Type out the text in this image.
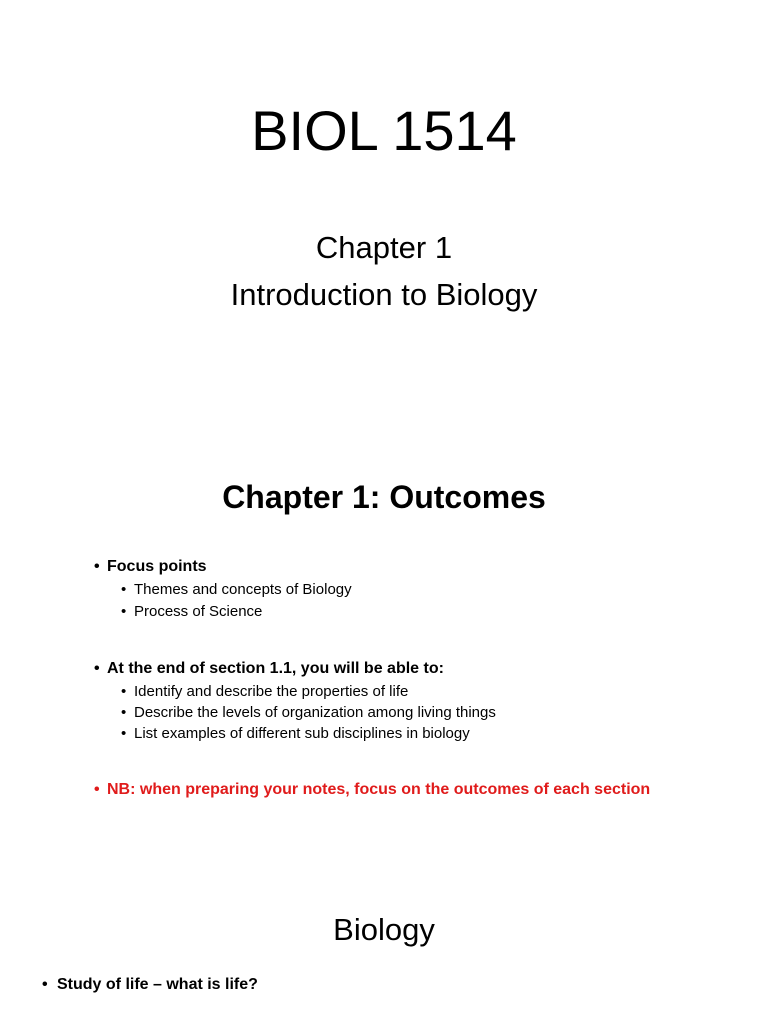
BIOL 1514
Chapter 1
Introduction to Biology
Chapter 1: Outcomes
• Focus points
• Themes and concepts of Biology
• Process of Science
• At the end of section 1.1, you will be able to:
• Identify and describe the properties of life
• Describe the levels of organization among living things
• List examples of different sub disciplines in biology
• NB: when preparing your notes, focus on the outcomes of each section
Biology
• Study of life – what is life?
